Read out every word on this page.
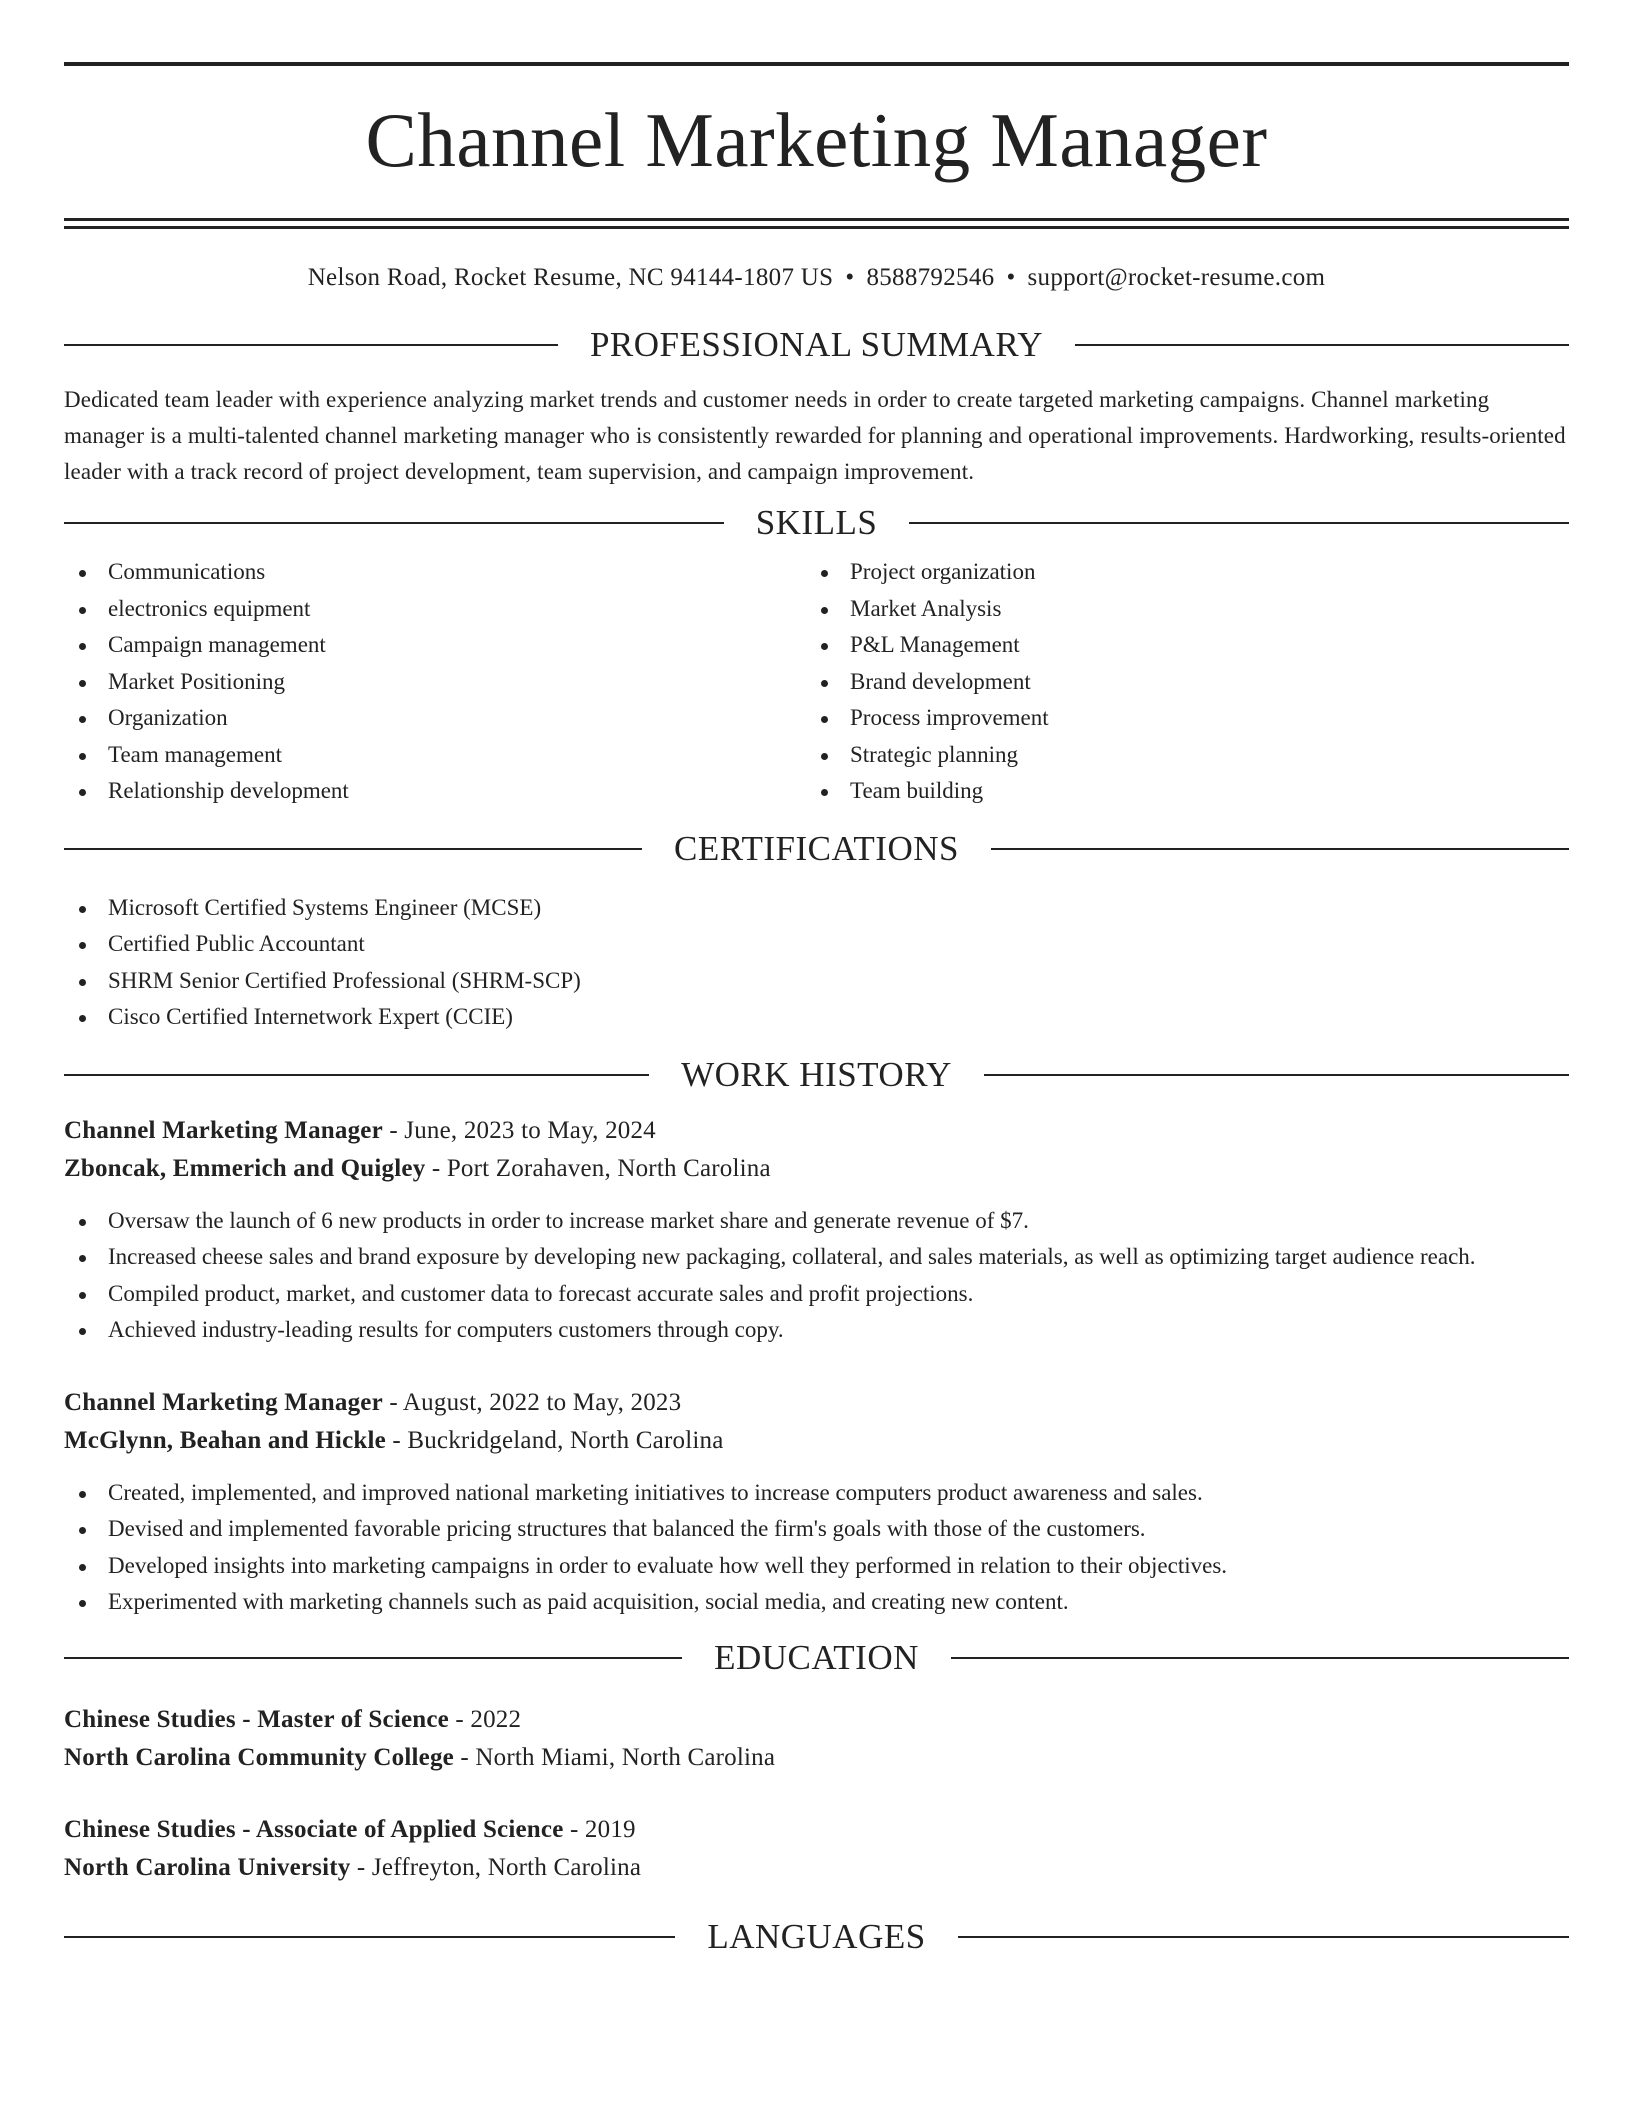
Channel Marketing Manager
Nelson Road, Rocket Resume, NC 94144-1807 US • 8588792546 • support@rocket-resume.com
PROFESSIONAL SUMMARY

Dedicated team leader with experience analyzing market trends and customer needs in order to create targeted marketing campaigns. Channel marketing manager is a multi-talented channel marketing manager who is consistently rewarded for planning and operational improvements. Hardworking, results-oriented leader with a track record of project development, team supervision, and campaign improvement.

SKILLS
Communications
electronics equipment
Campaign management
Market Positioning
Organization
Team management
Relationship development
Project organization
Market Analysis
P&L Management
Brand development
Process improvement
Strategic planning
Team building
CERTIFICATIONS
Microsoft Certified Systems Engineer (MCSE)
Certified Public Accountant
SHRM Senior Certified Professional (SHRM-SCP)
Cisco Certified Internetwork Expert (CCIE)
WORK HISTORY
Channel Marketing Manager - June, 2023 to May, 2024
Zboncak, Emmerich and Quigley - Port Zorahaven, North Carolina
Oversaw the launch of 6 new products in order to increase market share and generate revenue of $7.
Increased cheese sales and brand exposure by developing new packaging, collateral, and sales materials, as well as optimizing target audience reach.
Compiled product, market, and customer data to forecast accurate sales and profit projections.
Achieved industry-leading results for computers customers through copy.
Channel Marketing Manager - August, 2022 to May, 2023
McGlynn, Beahan and Hickle - Buckridgeland, North Carolina
Created, implemented, and improved national marketing initiatives to increase computers product awareness and sales.
Devised and implemented favorable pricing structures that balanced the firm's goals with those of the customers.
Developed insights into marketing campaigns in order to evaluate how well they performed in relation to their objectives.
Experimented with marketing channels such as paid acquisition, social media, and creating new content.
EDUCATION
Chinese Studies - Master of Science - 2022
North Carolina Community College - North Miami, North Carolina
Chinese Studies - Associate of Applied Science - 2019
North Carolina University - Jeffreyton, North Carolina
LANGUAGES
